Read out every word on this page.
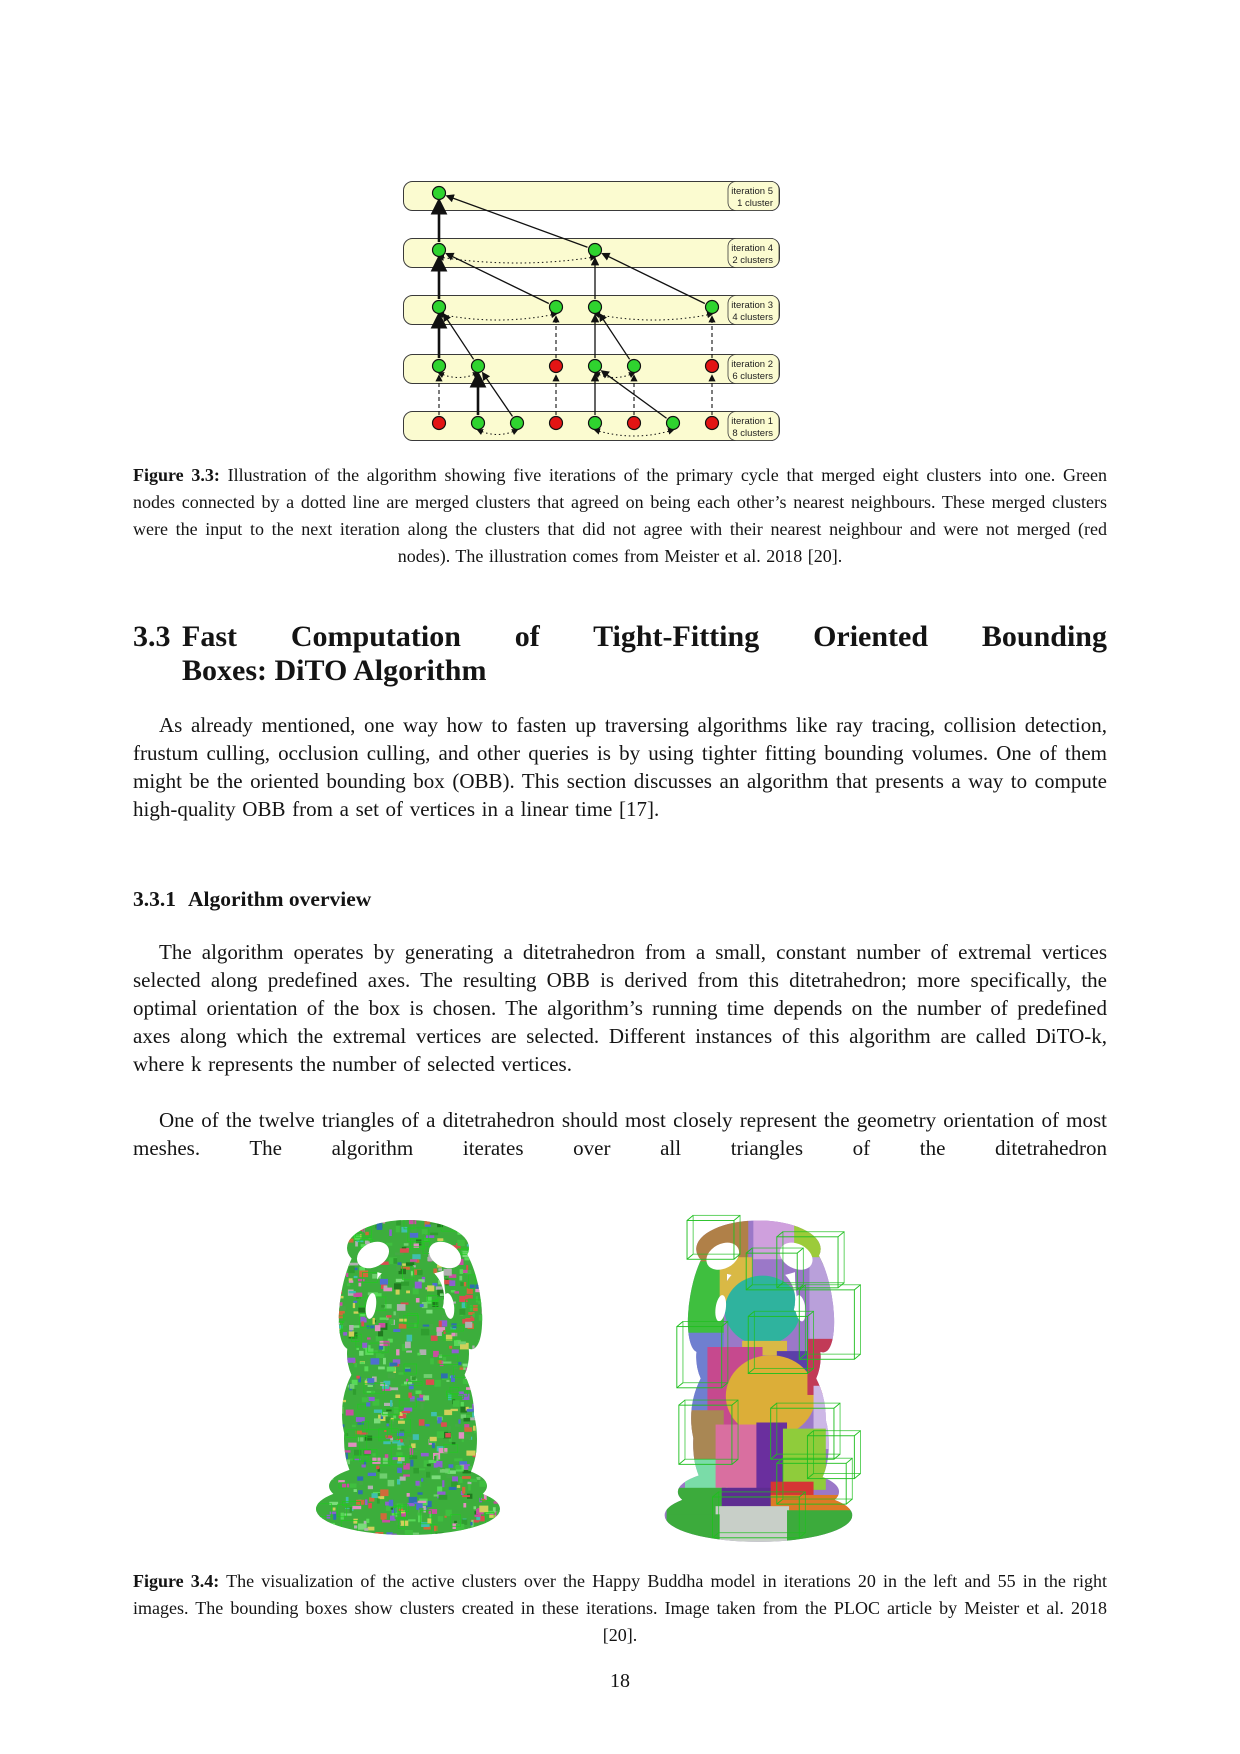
iteration 5
1 cluster
iteration 4
2 clusters
iteration 3
4 clusters
iteration 2
6 clusters
iteration 1
8 clusters

Figure 3.3: Illustration of the algorithm showing five iterations of the primary cycle that merged eight clusters into one. Green nodes connected by a dotted line are merged clusters that agreed on being each other’s nearest neighbours. These merged clusters were the input to the next iteration along the clusters that did not agree with their nearest neighbour and were not merged (red nodes). The illustration comes from Meister et al. 2018 [20].

3.3 Fast Computation of Tight-Fitting Oriented Bounding
Boxes: DiTO Algorithm

As already mentioned, one way how to fasten up traversing algorithms like ray tracing, collision detection, frustum culling, occlusion culling, and other queries is by using tighter fitting bounding volumes. One of them might be the oriented bounding box (OBB). This section discusses an algorithm that presents a way to compute high-quality OBB from a set of vertices in a linear time [17].

3.3.1 Algorithm overview

The algorithm operates by generating a ditetrahedron from a small, constant number of extremal vertices selected along predefined axes. The resulting OBB is derived from this ditetrahedron; more specifically, the optimal orientation of the box is chosen. The algorithm’s running time depends on the number of predefined axes along which the extremal vertices are selected. Different instances of this algorithm are called DiTO-k, where k represents the number of selected vertices.

One of the twelve triangles of a ditetrahedron should most closely represent the geometry orientation of most meshes. The algorithm iterates over all triangles of the ditetrahedron

Figure 3.4: The visualization of the active clusters over the Happy Buddha model in iterations 20 in the left and 55 in the right images. The bounding boxes show clusters created in these iterations. Image taken from the PLOC article by Meister et al. 2018 [20].

18
